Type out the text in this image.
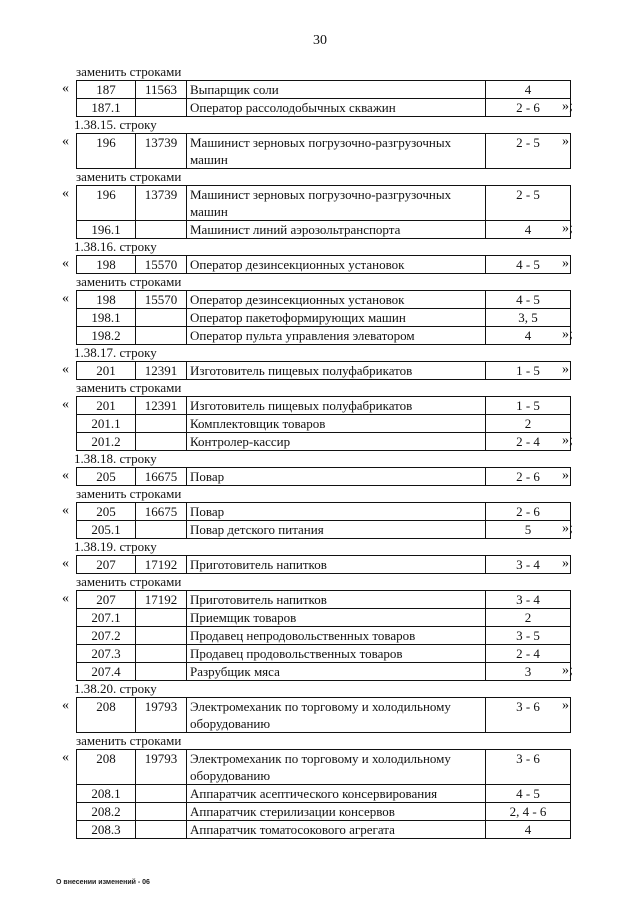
30
заменить строками
« 187	11563	Выпарщик соли	4
187.1		Оператор рассолодобычных скважин	2 - 6 »;
1.38.15. строку
« 196	13739	Машинист зерновых погрузочно-разгрузочных машин	2 - 5 »
заменить строками
« 196	13739	Машинист зерновых погрузочно-разгрузочных машин	2 - 5
196.1		Машинист линий аэрозольтранспорта	4 »;
1.38.16. строку
« 198	15570	Оператор дезинсекционных установок	4 - 5 »
заменить строками
« 198	15570	Оператор дезинсекционных установок	4 - 5
198.1		Оператор пакетоформирующих машин	3, 5
198.2		Оператор пульта управления элеватором	4 »;
1.38.17. строку
« 201	12391	Изготовитель пищевых полуфабрикатов	1 - 5 »
заменить строками
« 201	12391	Изготовитель пищевых полуфабрикатов	1 - 5
201.1		Комплектовщик товаров	2
201.2		Контролер-кассир	2 - 4 »;
1.38.18. строку
« 205	16675	Повар	2 - 6 »
заменить строками
« 205	16675	Повар	2 - 6
205.1		Повар детского питания	5 »;
1.38.19. строку
« 207	17192	Приготовитель напитков	3 - 4 »
заменить строками
« 207	17192	Приготовитель напитков	3 - 4
207.1		Приемщик товаров	2
207.2		Продавец непродовольственных товаров	3 - 5
207.3		Продавец продовольственных товаров	2 - 4
207.4		Разрубщик мяса	3 »;
1.38.20. строку
« 208	19793	Электромеханик по торговому и холодильному оборудованию	3 - 6 »
заменить строками
« 208	19793	Электромеханик по торговому и холодильному оборудованию	3 - 6
208.1		Аппаратчик асептического консервирования	4 - 5
208.2		Аппаратчик стерилизации консервов	2, 4 - 6
208.3		Аппаратчик томатосокового агрегата	4
О внесении изменений - 06
